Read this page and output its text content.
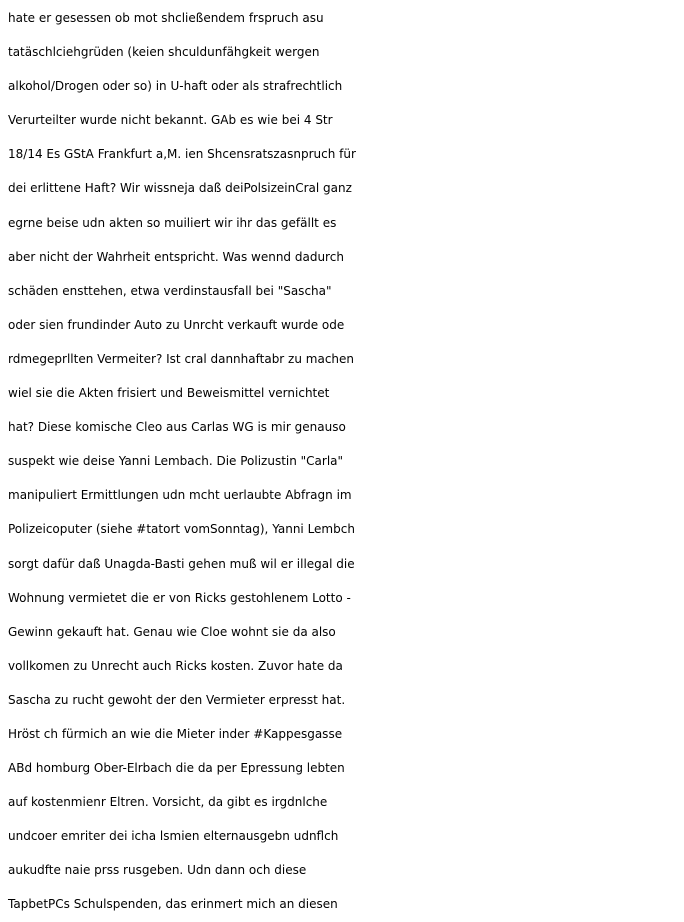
hate er gesessen ob mot shcließendem frspruch asu
tatäschlciehgrüden (keien shculdunfähgkeit wergen
alkohol/Drogen oder so) in U-haft oder als strafrechtlich
Verurteilter wurde nicht bekannt. GAb es wie bei 4 Str
18/14 Es GStA Frankfurt a,M. ien Shcensratszasnpruch für
dei erlittene Haft? Wir wissneja daß deiPolsizeinCral ganz
egrne beise udn akten so muiliert wir ihr das gefällt es
aber nicht der Wahrheit entspricht. Was wennd dadurch
schäden ensttehen, etwa verdinstausfall bei "Sascha"
oder sien frundinder Auto zu Unrcht verkauft wurde ode
rdmegeprllten Vermeiter? Ist cral dannhaftabr zu machen
wiel sie die Akten frisiert und Beweismittel vernichtet
hat? Diese komische Cleo aus Carlas WG is mir genauso
suspekt wie deise Yanni Lembach. Die Polizustin "Carla"
manipuliert Ermittlungen udn mcht uerlaubte Abfragn im
Polizeicoputer (siehe #tatort vomSonntag), Yanni Lembch
sorgt dafür daß Unagda-Basti gehen muß wil er illegal die
Wohnung vermietet die er von Ricks gestohlenem Lotto -
Gewinn gekauft hat. Genau wie Cloe wohnt sie da also
vollkomen zu Unrecht auch Ricks kosten. Zuvor hate da
Sascha zu rucht gewoht der den Vermieter erpresst hat.
Hröst ch fürmich an wie die Mieter inder #Kappesgasse
ABd homburg Ober-Elrbach die da per Epressung lebten
auf kostenmienr Eltren. Vorsicht, da gibt es irgdnlche
undcoer emriter dei icha lsmien elternausgebn udnflch
aukudfte naie prss rusgeben. Udn dann och diese
TapbetPCs Schulspenden, das erinmert mich an diesen
